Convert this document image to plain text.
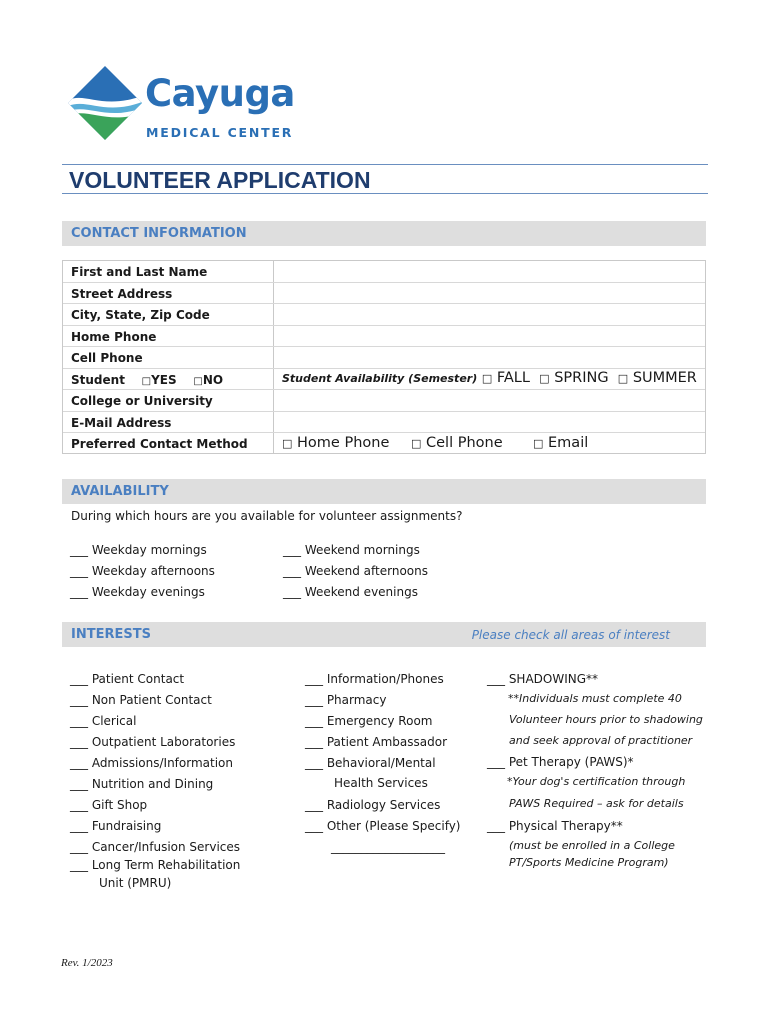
Cayuga
MEDICAL CENTER
VOLUNTEER APPLICATION
CONTACT INFORMATION
First and Last Name
Street Address
City, State, Zip Code
Home Phone
Cell Phone
Student □YES □NO	Student Availability (Semester) □ FALL □ SPRING □ SUMMER
College or University
E-Mail Address
Preferred Contact Method	□ Home Phone □ Cell Phone	□ Email
AVAILABILITY
During which hours are you available for volunteer assignments?
___ Weekday mornings
___ Weekday afternoons
___ Weekday evenings
___ Weekend mornings
___ Weekend afternoons
___ Weekend evenings
INTERESTS	Please check all areas of interest
___ Patient Contact
___ Non Patient Contact
___ Clerical
___ Outpatient Laboratories
___ Admissions/Information
___ Nutrition and Dining
___ Gift Shop
___ Fundraising
___ Cancer/Infusion Services
___ Long Term Rehabilitation
Unit (PMRU)
___ Information/Phones
___ Pharmacy
___ Emergency Room
___ Patient Ambassador
___ Behavioral/Mental
Health Services
___ Radiology Services
___ Other (Please Specify)
___________________
___ SHADOWING**
**Individuals must complete 40
Volunteer hours prior to shadowing
and seek approval of practitioner
___ Pet Therapy (PAWS)*
*Your dog's certification through
PAWS Required – ask for details
___ Physical Therapy**
(must be enrolled in a College
PT/Sports Medicine Program)
Rev. 1/2023
